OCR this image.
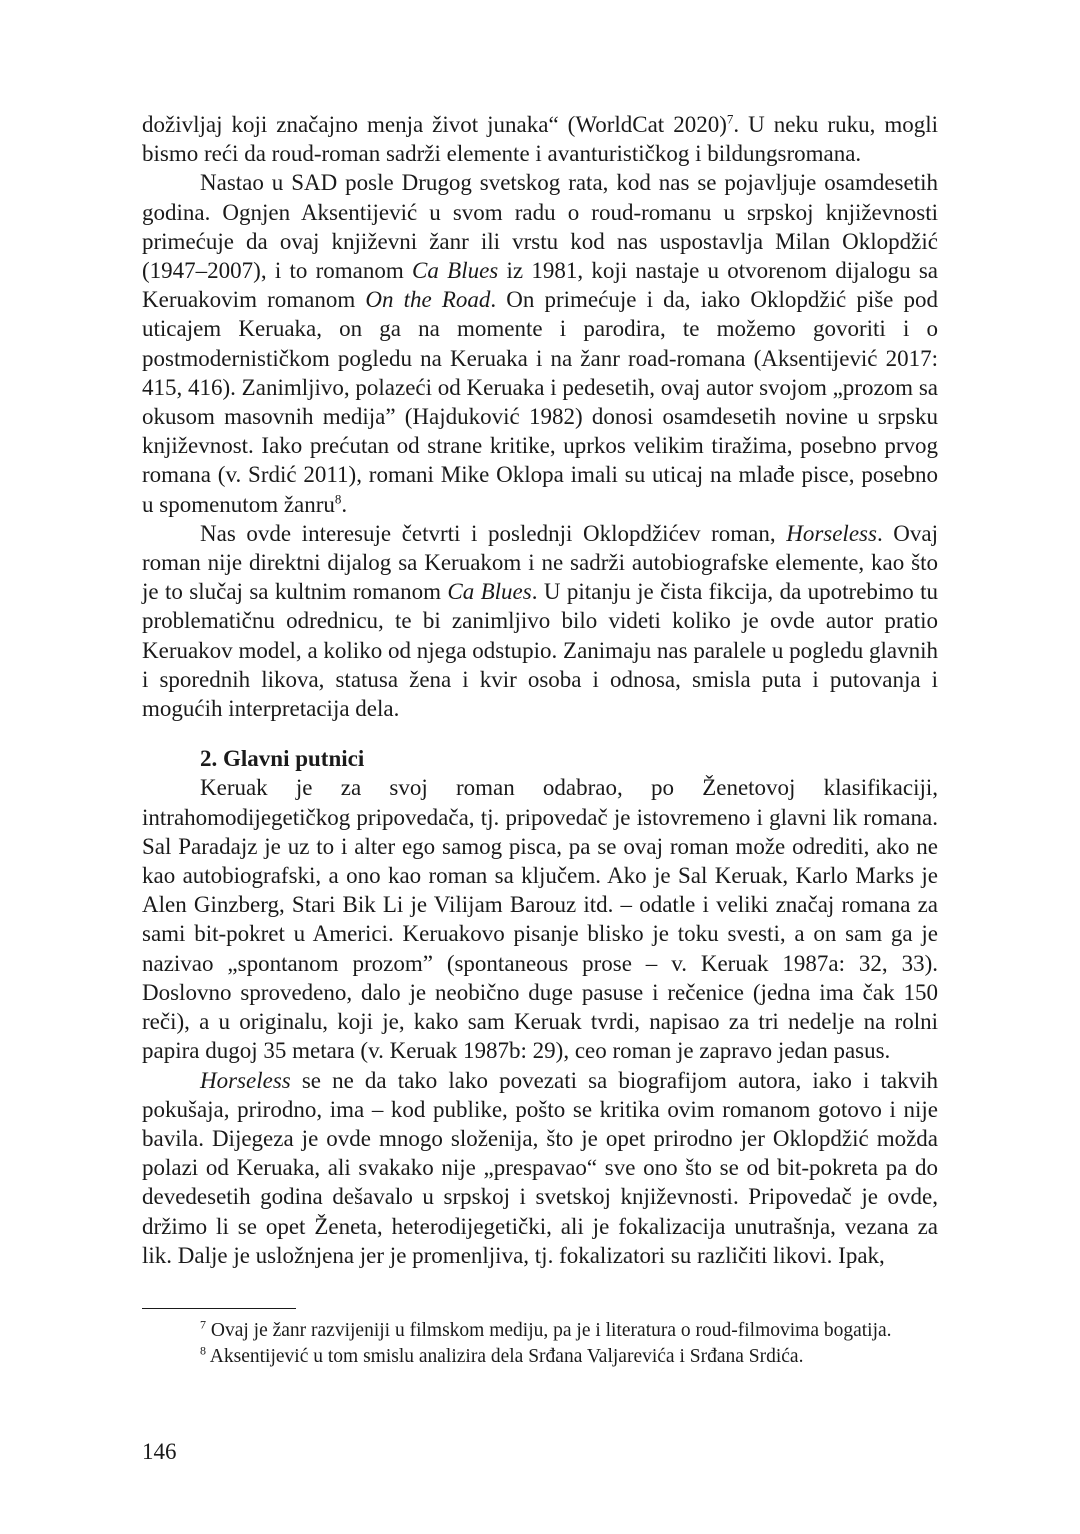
doživljaj koji značajno menja život junaka“ (WorldCat 2020)$^7$. U neku ruku, mogli bismo reći da roud-roman sadrži elemente i avanturističkog i bildungsromana.

Nastao u SAD posle Drugog svetskog rata, kod nas se pojavljuje osamdesetih godina. Ognjen Aksentijević u svom radu o roud-romanu u srpskoj književnosti primećuje da ovaj književni žanr ili vrstu kod nas uspostavlja Milan Oklopdžić (1947–2007), i to romanom Ca Blues iz 1981, koji nastaje u otvorenom dijalogu sa Keruakovim romanom On the Road. On primećuje i da, iako Oklopdžić piše pod uticajem Keruaka, on ga na momente i parodira, te možemo govoriti i o postmodernističkom pogledu na Keruaka i na žanr road-romana (Aksentijević 2017: 415, 416). Zanimljivo, polazeći od Keruaka i pedesetih, ovaj autor svojom „prozom sa okusom masovnih medija” (Hajduković 1982) donosi osamdesetih novine u srpsku književnost. Iako prećutan od strane kritike, uprkos velikim tiražima, posebno prvog romana (v. Srdić 2011), romani Mike Oklopa imali su uticaj na mlađe pisce, posebno u spomenutom žanru$^8$.

Nas ovde interesuje četvrti i poslednji Oklopdžićev roman, Horseless. Ovaj roman nije direktni dijalog sa Keruakom i ne sadrži autobiografske elemente, kao što je to slučaj sa kultnim romanom Ca Blues. U pitanju je čista fikcija, da upotrebimo tu problematičnu odrednicu, te bi zanimljivo bilo videti koliko je ovde autor pratio Keruakov model, a koliko od njega odstupio. Zanimaju nas paralele u pogledu glavnih i sporednih likova, statusa žena i kvir osoba i odnosa, smisla puta i putovanja i mogućih interpretacija dela.

2. Glavni putnici

Keruak je za svoj roman odabrao, po Ženetovoj klasifikaciji, intrahomodijegetičkog pripovedača, tj. pripovedač je istovremeno i glavni lik romana. Sal Paradajz je uz to i alter ego samog pisca, pa se ovaj roman može odrediti, ako ne kao autobiografski, a ono kao roman sa ključem. Ako je Sal Keruak, Karlo Marks je Alen Ginzberg, Stari Bik Li je Vilijam Barouz itd. – odatle i veliki značaj romana za sami bit-pokret u Americi. Keruakovo pisanje blisko je toku svesti, a on sam ga je nazivao „spontanom prozom” (spontaneous prose – v. Keruak 1987a: 32, 33). Doslovno sprovedeno, dalo je neobično duge pasuse i rečenice (jedna ima čak 150 reči), a u originalu, koji je, kako sam Keruak tvrdi, napisao za tri nedelje na rolni papira dugoj 35 metara (v. Keruak 1987b: 29), ceo roman je zapravo jedan pasus.

Horseless se ne da tako lako povezati sa biografijom autora, iako i takvih pokušaja, prirodno, ima – kod publike, pošto se kritika ovim romanom gotovo i nije bavila. Dijegeza je ovde mnogo složenija, što je opet prirodno jer Oklopdžić možda polazi od Keruaka, ali svakako nije „prespavao“ sve ono što se od bit-pokreta pa do devedesetih godina dešavalo u srpskoj i svetskoj književnosti. Pripovedač je ovde, držimo li se opet Ženeta, heterodijegetički, ali je fokalizacija unutrašnja, vezana za lik. Dalje je usložnjena jer je promenljiva, tj. fokalizatori su različiti likovi. Ipak,

$^7$ Ovaj je žanr razvijeniji u filmskom mediju, pa je i literatura o roud-filmovima bogatija.

$^8$ Aksentijević u tom smislu analizira dela Srđana Valjarevića i Srđana Srdića.

146
